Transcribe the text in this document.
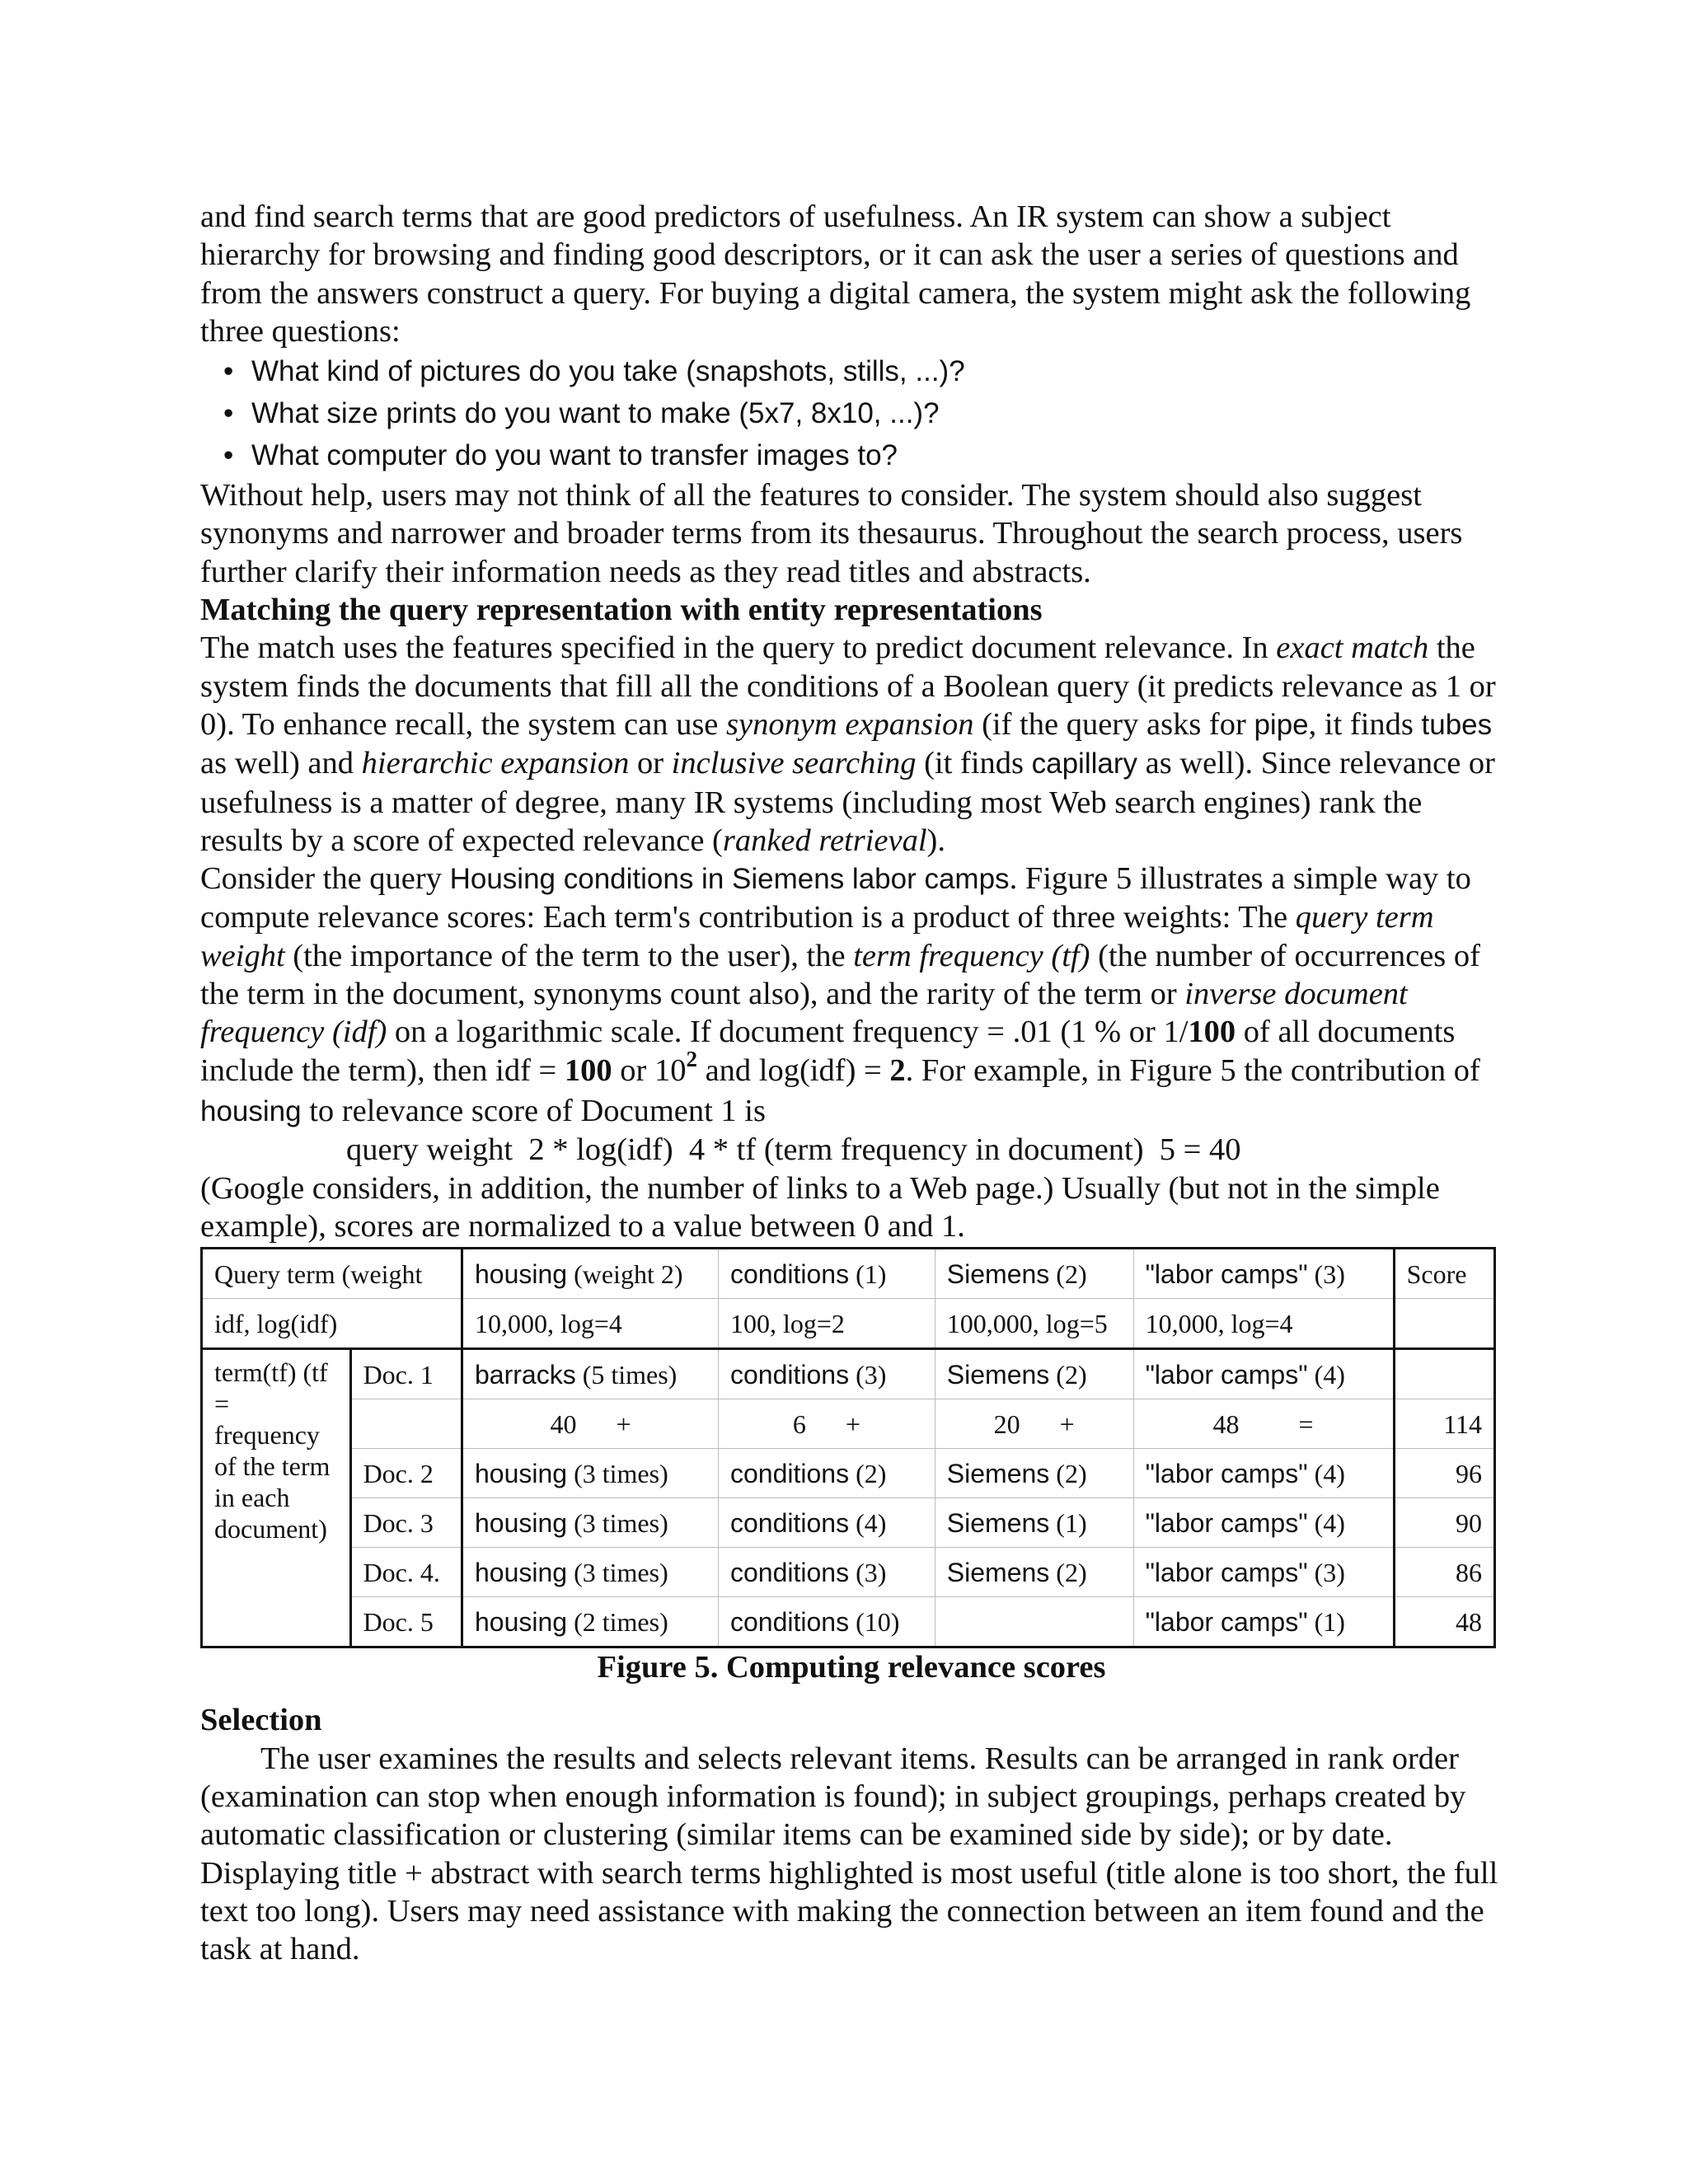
and find search terms that are good predictors of usefulness. An IR system can show a subject hierarchy for browsing and finding good descriptors, or it can ask the user a series of questions and from the answers construct a query. For buying a digital camera, the system might ask the following three questions:

• What kind of pictures do you take (snapshots, stills, ...)?
• What size prints do you want to make (5x7, 8x10, ...)?
• What computer do you want to transfer images to?

Without help, users may not think of all the features to consider. The system should also suggest synonyms and narrower and broader terms from its thesaurus. Throughout the search process, users further clarify their information needs as they read titles and abstracts.

Matching the query representation with entity representations

The match uses the features specified in the query to predict document relevance. In exact match the system finds the documents that fill all the conditions of a Boolean query (it predicts relevance as 1 or 0). To enhance recall, the system can use synonym expansion (if the query asks for pipe, it finds tubes as well) and hierarchic expansion or inclusive searching (it finds capillary as well). Since relevance or usefulness is a matter of degree, many IR systems (including most Web search engines) rank the results by a score of expected relevance (ranked retrieval).

Consider the query Housing conditions in Siemens labor camps. Figure 5 illustrates a simple way to compute relevance scores: Each term's contribution is a product of three weights: The query term weight (the importance of the term to the user), the term frequency (tf) (the number of occurrences of the term in the document, synonyms count also), and the rarity of the term or inverse document frequency (idf) on a logarithmic scale. If document frequency = .01 (1 % or 1/100 of all documents include the term), then idf = 100 or $10^2$ and log(idf) = 2. For example, in Figure 5 the contribution of housing to relevance score of Document 1 is

query weight  2 * log(idf)  4 * tf (term frequency in document)  5 = 40

(Google considers, in addition, the number of links to a Web page.) Usually (but not in the simple example), scores are normalized to a value between 0 and 1.

Query term (weight		housing (weight 2)	conditions (1)	Siemens (2)	"labor camps" (3)	Score
idf, log(idf)		10,000, log=4	100, log=2	100,000, log=5	10,000, log=4	
term(tf) (tf = frequency of the term in each document)	Doc. 1	barracks (5 times)	conditions (3)	Siemens (2)	"labor camps" (4)	
		40 +	6 +	20 +	48 =	114
	Doc. 2	housing (3 times)	conditions (2)	Siemens (2)	"labor camps" (4)	96
	Doc. 3	housing (3 times)	conditions (4)	Siemens (1)	"labor camps" (4)	90
	Doc. 4.	housing (3 times)	conditions (3)	Siemens (2)	"labor camps" (3)	86
	Doc. 5	housing (2 times)	conditions (10)		"labor camps" (1)	48

Figure 5. Computing relevance scores

Selection

The user examines the results and selects relevant items. Results can be arranged in rank order (examination can stop when enough information is found); in subject groupings, perhaps created by automatic classification or clustering (similar items can be examined side by side); or by date. Displaying title + abstract with search terms highlighted is most useful (title alone is too short, the full text too long). Users may need assistance with making the connection between an item found and the task at hand.
